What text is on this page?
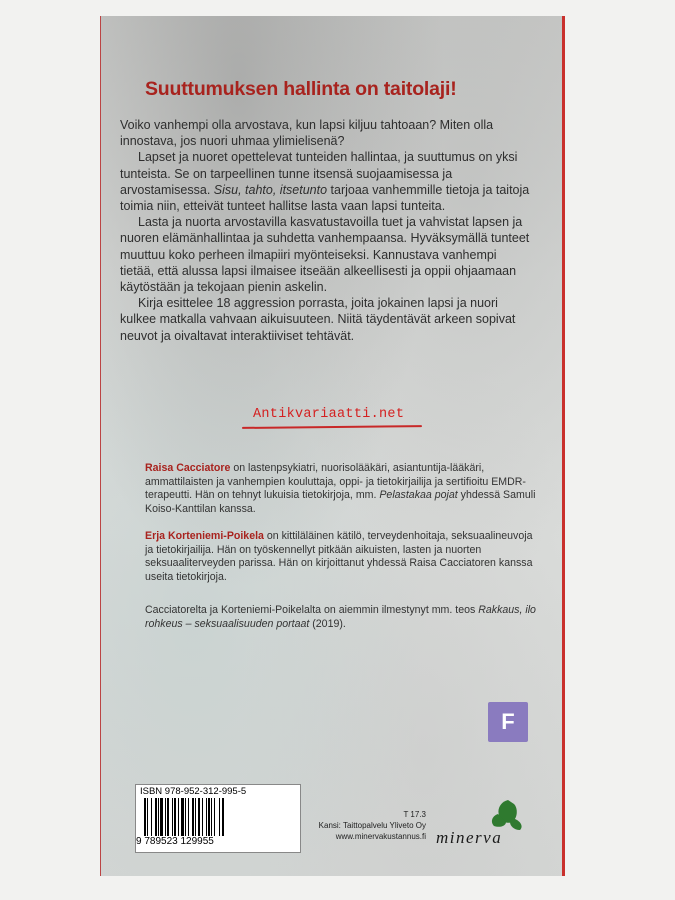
Suuttumuksen hallinta on taitolaji!

Voiko vanhempi olla arvostava, kun lapsi kiljuu tahtoaan? Miten olla innostava, jos nuori uhmaa ylimielisenä?

Lapset ja nuoret opettelevat tunteiden hallintaa, ja suuttumus on yksi tunteista. Se on tarpeellinen tunne itsensä suojaamisessa ja arvostamisessa. Sisu, tahto, itsetunto tarjoaa vanhemmille tietoja ja taitoja toimia niin, etteivät tunteet hallitse lasta vaan lapsi tunteita.

Lasta ja nuorta arvostavilla kasvatustavoilla tuet ja vahvistat lapsen ja nuoren elämänhallintaa ja suhdetta vanhempaansa. Hyväksymällä tunteet muuttuu koko perheen ilmapiiri myönteiseksi. Kannustava vanhempi tietää, että alussa lapsi ilmaisee itseään alkeellisesti ja oppii ohjaamaan käytöstään ja tekojaan pienin askelin.

Kirja esittelee 18 aggression porrasta, joita jokainen lapsi ja nuori kulkee matkalla vahvaan aikuisuuteen. Niitä täydentävät arkeen sopivat neuvot ja oivaltavat interaktiiviset tehtävät.

Antikvariaatti.net
Raisa Cacciatore on lastenpsykiatri, nuorisolääkäri, asiantuntija-lääkäri, ammattilaisten ja vanhempien kouluttaja, oppi- ja tietokirjailija ja sertifioitu EMDR-terapeutti. Hän on tehnyt lukuisia tietokirjoja, mm. Pelastakaa pojat yhdessä Samuli Koiso-Kanttilan kanssa.
Erja Korteniemi-Poikela on kittiläläinen kätilö, terveydenhoitaja, seksuaalineuvoja ja tietokirjailija. Hän on työskennellyt pitkään aikuisten, lasten ja nuorten seksuaaliterveyden parissa. Hän on kirjoittanut yhdessä Raisa Cacciatoren kanssa useita tietokirjoja.
Cacciatorelta ja Korteniemi-Poikelalta on aiemmin ilmestynyt mm. teos Rakkaus, ilo rohkeus – seksuaalisuuden portaat (2019).
F
ISBN 978-952-312-995-5
9 789523 129955
T 17.3
Kansi: Taittopalvelu Yliveto Oy
www.minervakustannus.fi minerva
